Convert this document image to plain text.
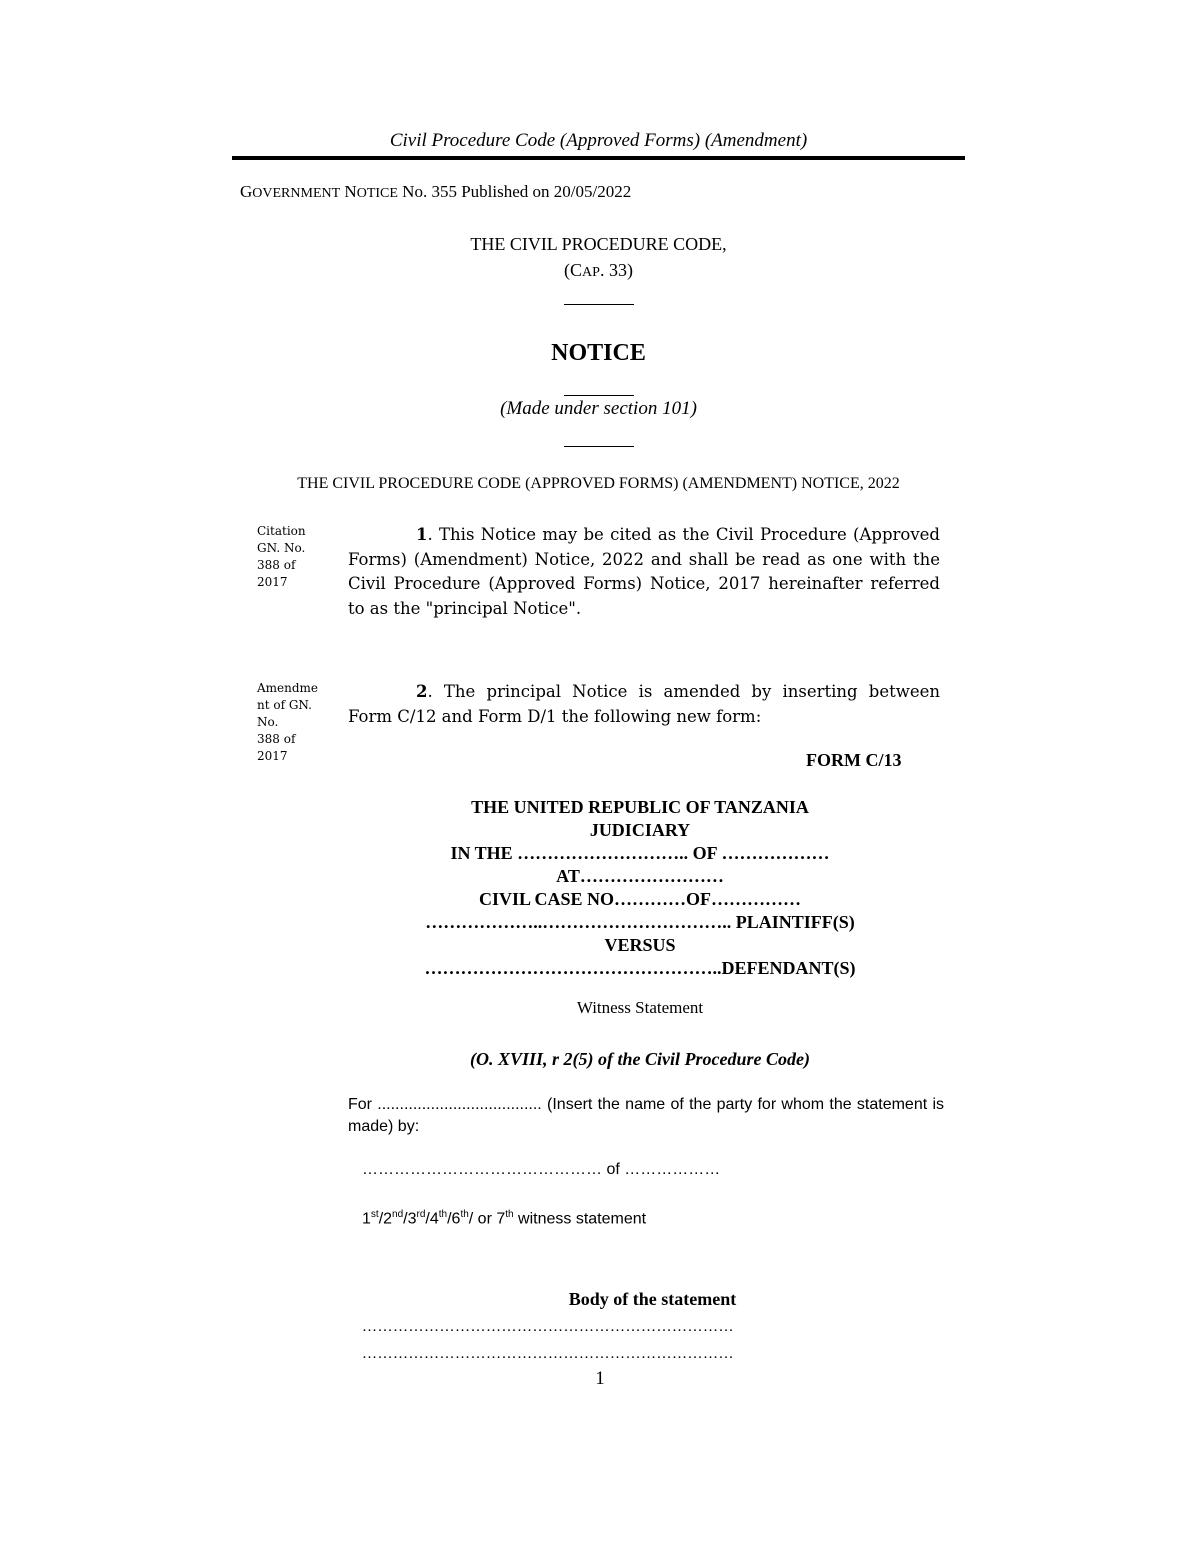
Civil Procedure Code (Approved Forms) (Amendment)
GOVERNMENT NOTICE No. 355 Published on 20/05/2022
THE CIVIL PROCEDURE CODE,
(CAP. 33)
NOTICE
(Made under section 101)
THE CIVIL PROCEDURE CODE (APPROVED FORMS) (AMENDMENT) NOTICE, 2022
Citation
GN. No.
388 of
2017
1. This Notice may be cited as the Civil Procedure (Approved Forms) (Amendment) Notice, 2022 and shall be read as one with the Civil Procedure (Approved Forms) Notice, 2017 hereinafter referred to as the "principal Notice".
Amendme
nt of GN.
No.
388 of
2017
2. The principal Notice is amended by inserting between Form C/12 and Form D/1 the following new form:
FORM C/13
THE UNITED REPUBLIC OF TANZANIA
JUDICIARY
IN THE ……………………….. OF ………………
AT……………………
CIVIL CASE NO…………OF……………
………………..………………………….. PLAINTIFF(S)
VERSUS
…………………………………………..DEFENDANT(S)
Witness Statement
(O. XVIII, r 2(5) of the Civil Procedure Code)
For ..................................... (Insert the name of the party for whom the statement is made) by:
……………………………………… of ………………
1st/2nd/3rd/4th/6th/ or 7th witness statement
Body of the statement
………………………………………………………………
………………………………………………………………
1
